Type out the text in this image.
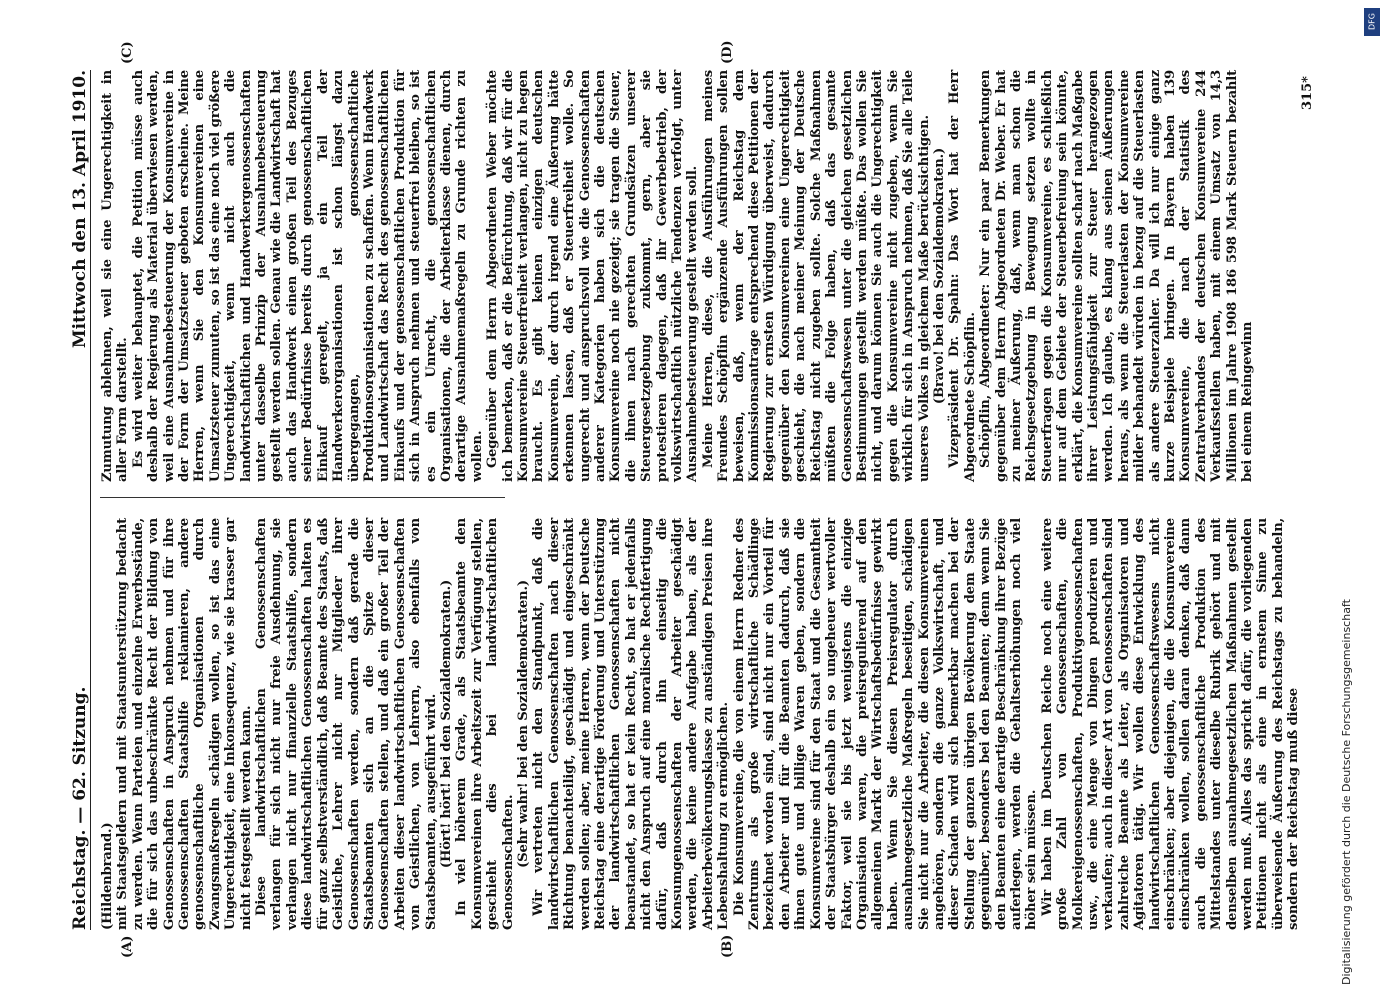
DFG
Digitalisierung gefördert durch die Deutsche Forschungsgemeinschaft
Reichstag. — 62. Sitzung.
Mittwoch den 13. April 1910.

(Hildenbrand.) mit Staatsgeldern und mit Staatsunterstützung bedacht zu werden. Wenn Parteien und einzelne Erwerbsstände, die für sich das unbeschränkte Recht der Bildung von Genossenschaften in Anspruch nehmen und für ihre Genossenschaften Staatshilfe reklamieren, andere genossenschaftliche Organisationen durch Zwangsmaßregeln schädigen wollen, so ist das eine Ungerechtigkeit, eine Inkonsequenz, wie sie krasser gar nicht festgestellt werden kann. Diese landwirtschaftlichen Genossenschaften verlangen für sich nicht nur freie Ausdehnung, sie verlangen nicht nur finanzielle Staatshilfe, sondern diese landwirtschaftlichen Genossenschaften halten es für ganz selbstverständlich, daß Beamte des Staats, daß Geistliche, Lehrer nicht nur Mitglieder ihrer Genossenschaften werden, sondern daß gerade die Staatsbeamten sich an die Spitze dieser Genossenschaften stellen, und daß ein großer Teil der Arbeiten dieser landwirtschaftlichen Genossenschaften von Geistlichen, von Lehrern, also ebenfalls von Staatsbeamten, ausgeführt wird. (Hört! hört! bei den Sozialdemokraten.) In viel höherem Grade, als Staatsbeamte den Konsumvereinen ihre Arbeitszeit zur Verfügung stellen, geschieht dies bei landwirtschaftlichen Genossenschaften. (Sehr wahr! bei den Sozialdemokraten.) Wir vertreten nicht den Standpunkt, daß die landwirtschaftlichen Genossenschaften nach dieser Richtung benachteiligt, geschädigt und eingeschränkt werden sollen; aber, meine Herren, wenn der Deutsche Reichstag eine derartige Förderung und Unterstützung der landwirtschaftlichen Genossenschaften nicht beanstandet, so hat er kein Recht, so hat er jedenfalls nicht den Anspruch auf eine moralische Rechtfertigung dafür, daß durch ihn einseitig die Konsumgenossenschaften der Arbeiter geschädigt werden, die keine andere Aufgabe haben, als der Arbeiterbevölkerungsklasse zu anständigen Preisen ihre Lebenshaltung zu ermöglichen. Die Konsumvereine, die von einem Herrn Redner des Zentrums als große wirtschaftliche Schädlinge bezeichnet worden sind, sind nicht nur ein Vorteil für den Arbeiter und für die Beamten dadurch, daß sie ihnen gute und billige Waren geben, sondern die Konsumvereine sind für den Staat und die Gesamtheit der Staatsbürger deshalb ein so ungeheuer wertvoller Faktor, weil sie bis jetzt wenigstens die einzige Organisation waren, die preisregulierend auf den allgemeinen Markt der Wirtschaftsbedürfnisse gewirkt haben. Wenn Sie diesen Preisregulator durch ausnahmegesetzliche Maßregeln beseitigen, schädigen Sie nicht nur die Arbeiter, die diesen Konsumvereinen angehören, sondern die ganze Volkswirtschaft, und dieser Schaden wird sich bemerkbar machen bei der Stellung der ganzen übrigen Bevölkerung dem Staate gegenüber, besonders bei den Beamten; denn wenn Sie den Beamten eine derartige Beschränkung ihrer Bezüge auferlegen, werden die Gehaltserhöhungen noch viel höher sein müssen. Wir haben im Deutschen Reiche noch eine weitere große Zahl von Genossenschaften, die Molkereigenossenschaften, Produktivgenossenschaften usw., die eine Menge von Dingen produzieren und verkaufen; auch in dieser Art von Genossenschaften sind zahlreiche Beamte als Leiter, als Organisatoren und Agitatoren tätig. Wir wollen diese Entwicklung des landwirtschaftlichen Genossenschaftswesens nicht einschränken; aber diejenigen, die die Konsumvereine einschränken wollen, sollen daran denken, daß dann auch die genossenschaftliche Produktion des Mittelstandes unter dieselbe Rubrik gehört und mit denselben ausnahmegesetzlichen Maßnahmen gestellt werden muß. Alles das spricht dafür, die vorliegenden Petitionen nicht als eine in ernstem Sinne zu überweisende Äußerung des Reichstags zu behandeln, sondern der Reichstag muß diese

Zumutung ablehnen, weil sie eine Ungerechtigkeit in aller Form darstellt. Es wird weiter behauptet, die Petition müsse auch deshalb der Regierung als Material überwiesen werden, weil eine Ausnahmebesteuerung der Konsumvereine in der Form der Umsatzsteuer geboten erscheine. Meine Herren, wenn Sie den Konsumvereinen eine Umsatzsteuer zumuten, so ist das eine noch viel größere Ungerechtigkeit, wenn nicht auch die landwirtschaftlichen und Handwerkergenossenschaften unter dasselbe Prinzip der Ausnahmebesteuerung gestellt werden sollen. Genau wie die Landwirtschaft hat auch das Handwerk einen großen Teil des Bezuges seiner Bedürfnisse bereits durch genossenschaftlichen Einkauf geregelt, ja ein Teil der Handwerkerorganisationen ist schon längst dazu übergegangen, genossenschaftliche Produktionsorganisationen zu schaffen. Wenn Handwerk und Landwirtschaft das Recht des genossenschaftlichen Einkaufs und der genossenschaftlichen Produktion für sich in Anspruch nehmen und steuerfrei bleiben, so ist es ein Unrecht, die genossenschaftlichen Organisationen, die der Arbeiterklasse dienen, durch derartige Ausnahmemaßregeln zu Grunde richten zu wollen. Gegenüber dem Herrn Abgeordneten Weber möchte ich bemerken, daß er die Befürchtung, daß wir für die Konsumvereine Steuerfreiheit verlangen, nicht zu hegen braucht. Es gibt keinen einzigen deutschen Konsumverein, der durch irgend eine Äußerung hätte erkennen lassen, daß er Steuerfreiheit wolle. So ungerecht und anspruchsvoll wie die Genossenschaften anderer Kategorien haben sich die deutschen Konsumvereine noch nie gezeigt; sie tragen die Steuer, die ihnen nach gerechten Grundsätzen unserer Steuergesetzgebung zukommt, gern, aber sie protestieren dagegen, daß ihr Gewerbebetrieb, der volkswirtschaftlich nützliche Tendenzen verfolgt, unter Ausnahmebesteuerung gestellt werden soll. Meine Herren, diese, die Ausführungen meines Freundes Schöpflin ergänzende Ausführungen sollen beweisen, daß, wenn der Reichstag dem Kommissionsantrage entsprechend diese Petitionen der Regierung zur ernsten Würdigung überweist, dadurch gegenüber den Konsumvereinen eine Ungerechtigkeit geschieht, die nach meiner Meinung der Deutsche Reichstag nicht zugeben sollte. Solche Maßnahmen müßten die Folge haben, daß das gesamte Genossenschaftswesen unter die gleichen gesetzlichen Bestimmungen gestellt werden müßte. Das wollen Sie nicht, und darum können Sie auch die Ungerechtigkeit gegen die Konsumvereine nicht zugeben, wenn Sie wirklich für sich in Anspruch nehmen, daß Sie alle Teile unseres Volkes in gleichem Maße berücksichtigen. (Bravo! bei den Sozialdemokraten.) Vizepräsident Dr. Spahn: Das Wort hat der Herr Abgeordnete Schöpflin. Schöpflin, Abgeordneter: Nur ein paar Bemerkungen gegenüber dem Herrn Abgeordneten Dr. Weber. Er hat zu meiner Äußerung, daß, wenn man schon die Reichsgesetzgebung in Bewegung setzen wollte in Steuerfragen gegen die Konsumvereine, es schließlich nur auf dem Gebiete der Steuerbefreiung sein könnte, erklärt, die Konsumvereine sollten scharf nach Maßgabe ihrer Leistungsfähigkeit zur Steuer herangezogen werden. Ich glaube, es klang aus seinen Äußerungen heraus, als wenn die Steuerlasten der Konsumvereine milder behandelt würden in bezug auf die Steuerlasten als andere Steuerzahler. Da will ich nur einige ganz kurze Beispiele bringen. In Bayern haben 139 Konsumvereine, die nach der Statistik des Zentralverbandes der deutschen Konsumvereine 244 Verkaufsstellen haben, mit einem Umsatz von 14,3 Millionen im Jahre 1908 186 598 Mark Steuern bezahlt bei einem Reingewinn

(A)	(B)
(C)	(D)
315*
